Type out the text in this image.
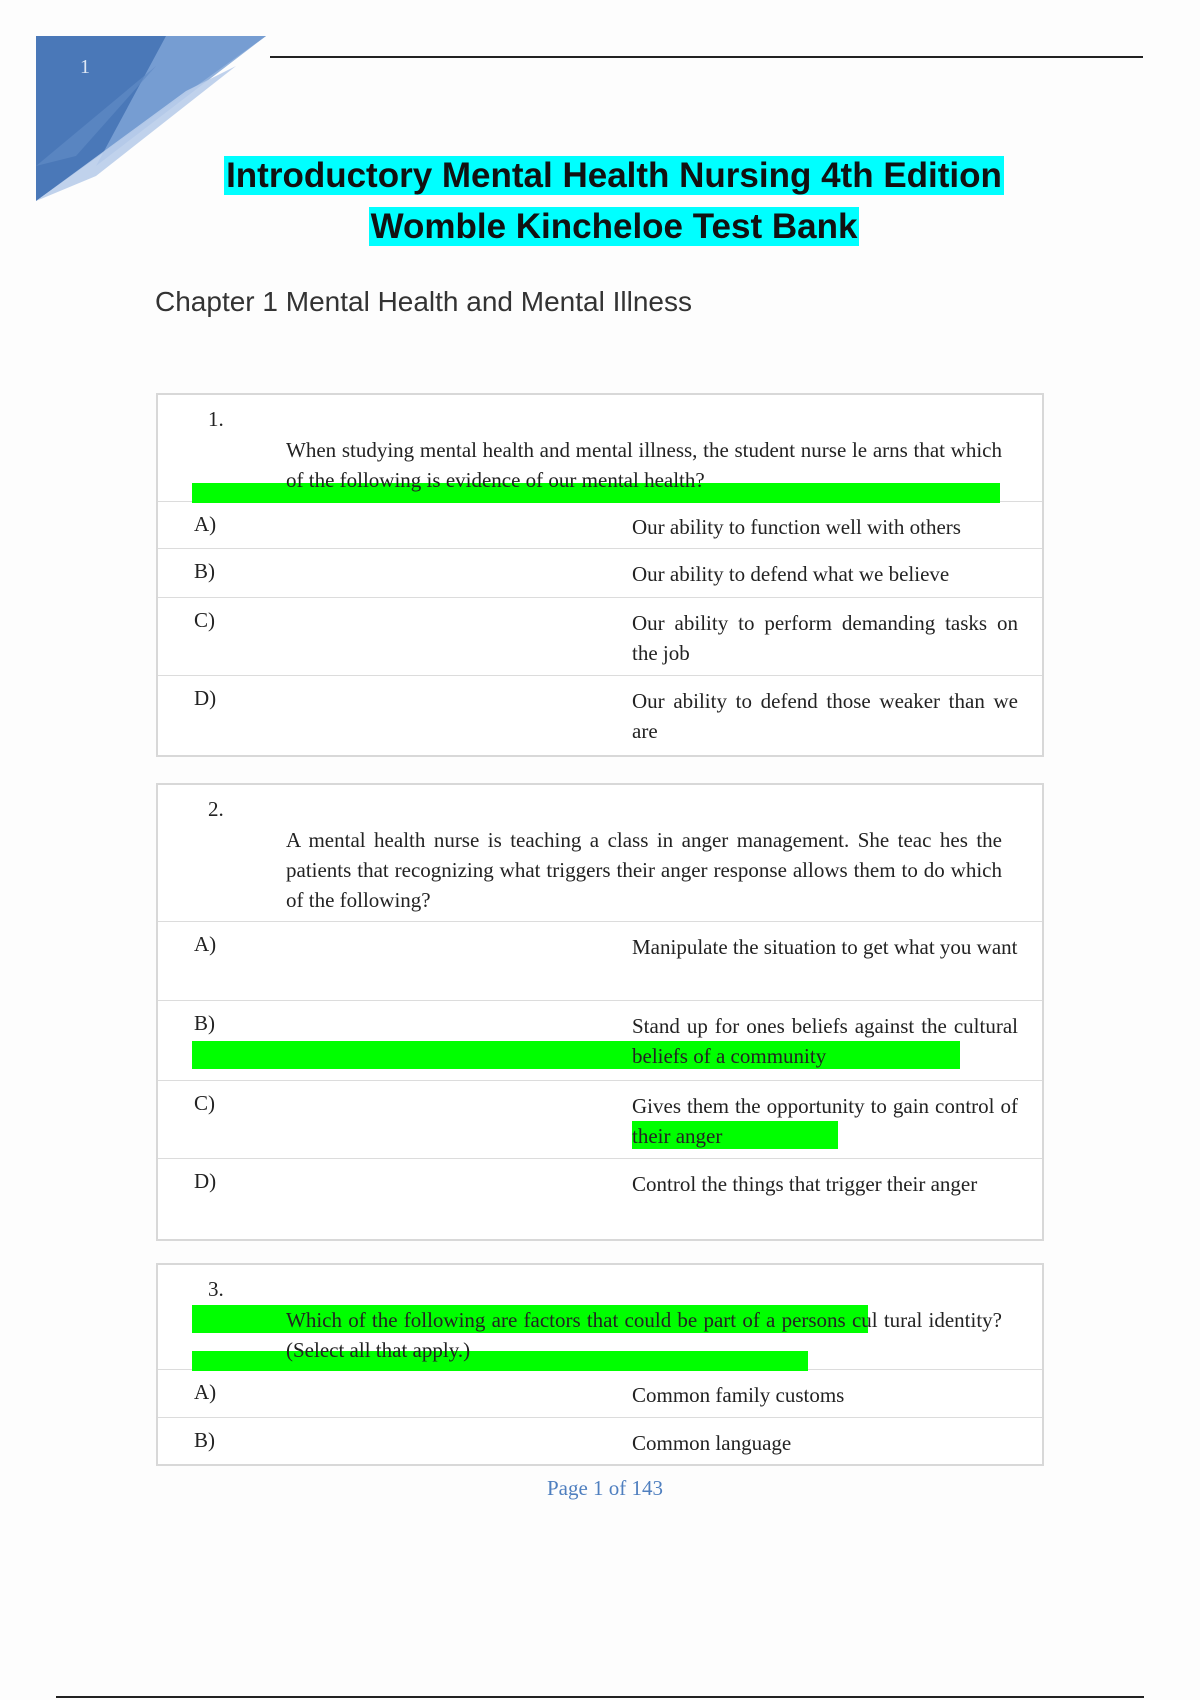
1
Introductory Mental Health Nursing 4th Edition
Womble Kincheloe Test Bank
Chapter 1 Mental Health and Mental Illness
1.
When studying mental health and mental illness, the student nurse le arns that which of the following is evidence of our mental health?
A)	Our ability to function well with others
B)	Our ability to defend what we believe
C)	Our ability to perform demanding tasks on the job
D)	Our ability to defend those weaker than we are
2.
A mental health nurse is teaching a class in anger management. She teac hes the patients that recognizing what triggers their anger response allows them to do which of the following?
A)	Manipulate the situation to get what you want
B)	Stand up for ones beliefs against the cultural beliefs of a community
C)	Gives them the opportunity to gain control of their anger
D)	Control the things that trigger their anger
3.
Which of the following are factors that could be part of a persons cul tural identity? (Select all that apply.)
A)	Common family customs
B)	Common language
Page 1 of 143
